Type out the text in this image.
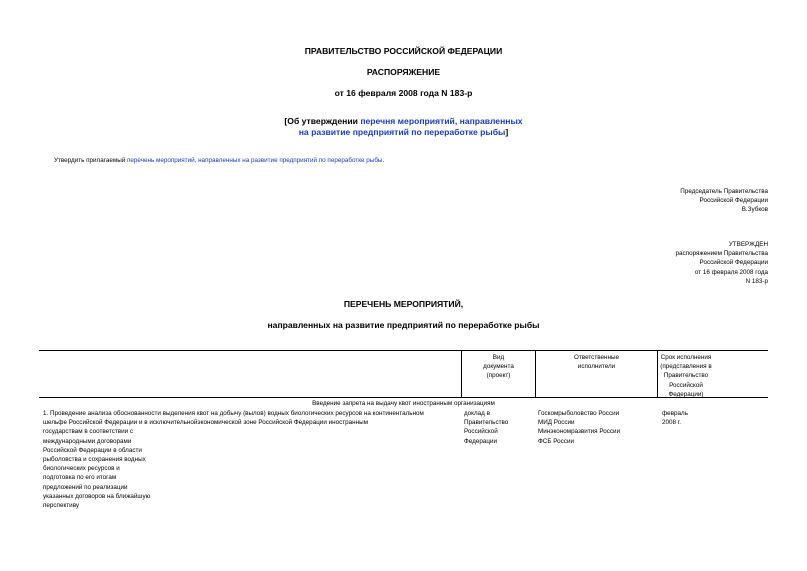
ПРАВИТЕЛЬСТВО РОССИЙСКОЙ ФЕДЕРАЦИИ
РАСПОРЯЖЕНИЕ
от 16 февраля 2008 года N 183-р
[Об утверждении перечня мероприятий, направленных
на развитие предприятий по переработке рыбы]
Утвердить прилагаемый перечень мероприятий, направленных на развитие предприятий по переработке рыбы.
Председатель Правительства
Российской Федерации
В.Зубков
УТВЕРЖДЕН
распоряжением Правительства
Российской Федерации
от 16 февраля 2008 года
N 183-р
ПЕРЕЧЕНЬ МЕРОПРИЯТИЙ,
направленных на развитие предприятий по переработке рыбы
Вид
документа
(проект)
Ответственные
исполнители
Срок исполнения
(представления в
Правительство
Российской
Федерации)
Введение запрета на выдачу квот иностранным организациям
1. Проведение анализа обоснованности выделения квот на добычу (вылов) водных биологических ресурсов на континентальном
шельфе Российской Федерации и в исключительнойэкономической зоне Российской Федерации иностранным
государствам в соответствии с
международными договорами
Российской Федерации в области
рыболовства и сохранения водных
биологических ресурсов и
подготовка по его итогам
предложений по реализации
указанных договоров на ближайшую
перспективу
доклад в
Правительство
Российской
Федерации
Госкомрыболовство России
МИД России
Минэкономразвития России
ФСБ России
февраль
2008 г.
